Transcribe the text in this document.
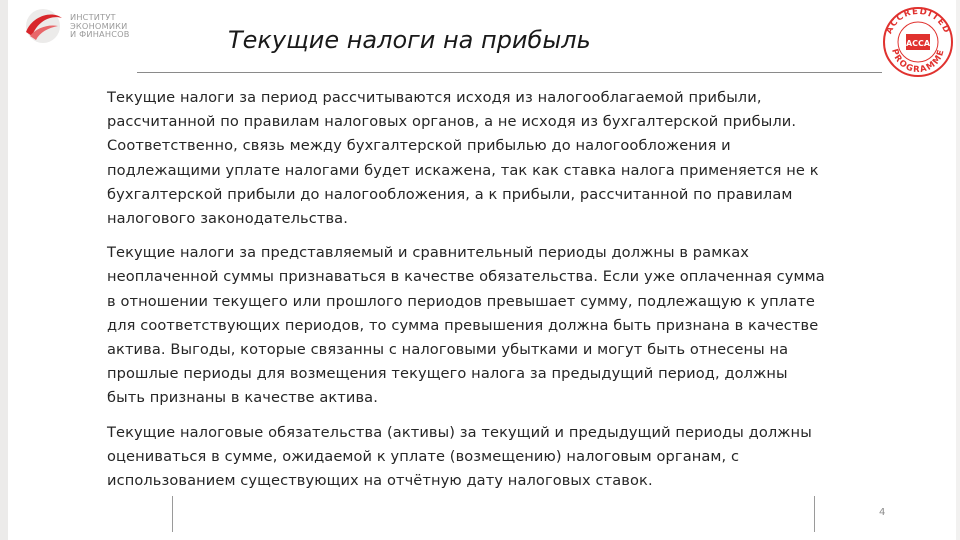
ИНСТИТУТ
ЭКОНОМИКИ
И ФИНАНСОВ	Текущие налоги на прибыль	ACCREDITED
PROGRAMME
ACCA

Текущие налоги за период рассчитываются исходя из налогооблагаемой прибыли,
рассчитанной по правилам налоговых органов, а не исходя из бухгалтерской прибыли.
Соответственно, связь между бухгалтерской прибылью до налогообложения и
подлежащими уплате налогами будет искажена, так как ставка налога применяется не к
бухгалтерской прибыли до налогообложения, а к прибыли, рассчитанной по правилам
налогового законодательства.

Текущие налоги за представляемый и сравнительный периоды должны в рамках
неоплаченной суммы признаваться в качестве обязательства. Если уже оплаченная сумма
в отношении текущего или прошлого периодов превышает сумму, подлежащую к уплате
для соответствующих периодов, то сумма превышения должна быть признана в качестве
актива. Выгоды, которые связанны с налоговыми убытками и могут быть отнесены на
прошлые периоды для возмещения текущего налога за предыдущий период, должны
быть признаны в качестве актива.

Текущие налоговые обязательства (активы) за текущий и предыдущий периоды должны
оцениваться в сумме, ожидаемой к уплате (возмещению) налоговым органам, с
использованием существующих на отчётную дату налоговых ставок.

4
